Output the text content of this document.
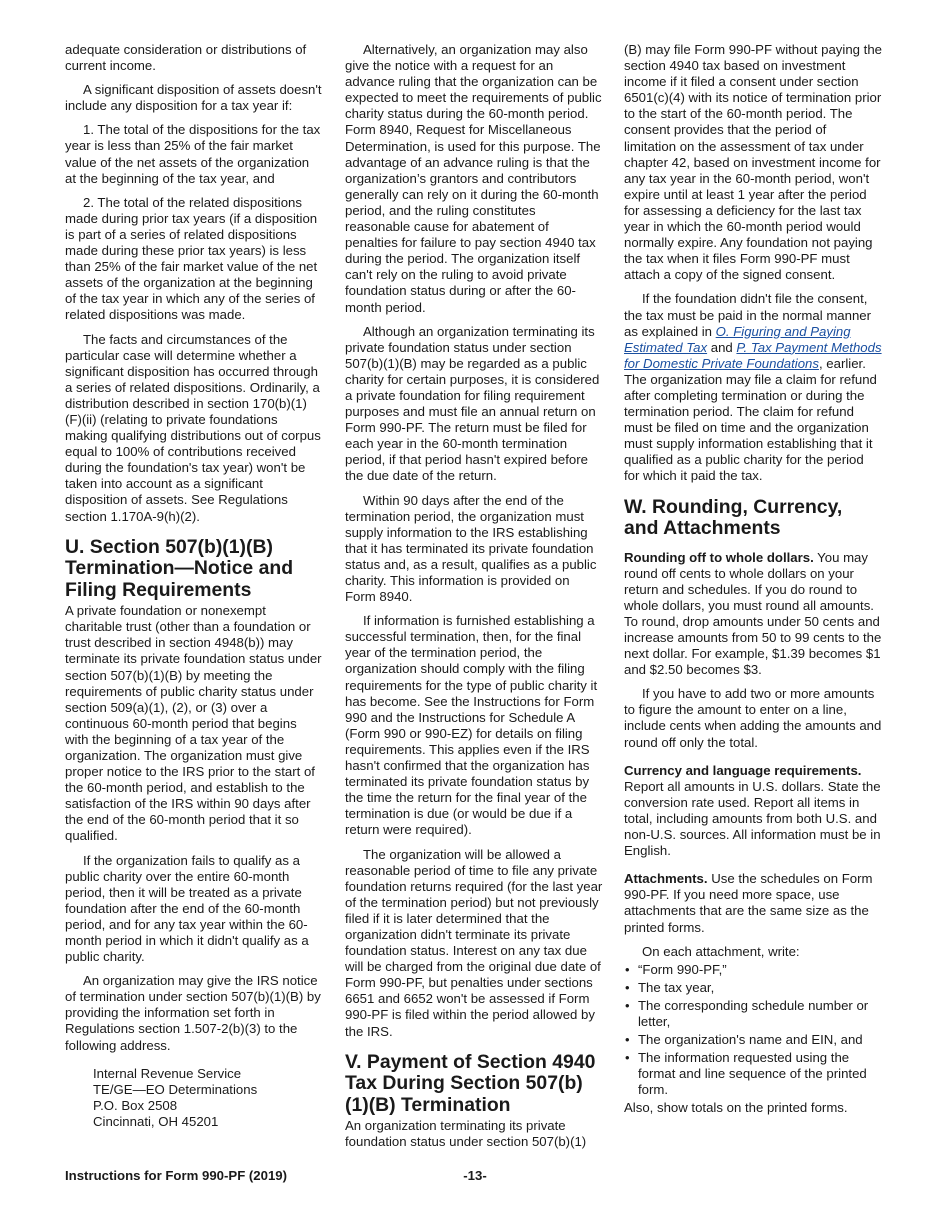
adequate consideration or distributions of current income.

A significant disposition of assets doesn't include any disposition for a tax year if:

1. The total of the dispositions for the tax year is less than 25% of the fair market value of the net assets of the organization at the beginning of the tax year, and

2. The total of the related dispositions made during prior tax years (if a disposition is part of a series of related dispositions made during these prior tax years) is less than 25% of the fair market value of the net assets of the organization at the beginning of the tax year in which any of the series of related dispositions was made.

The facts and circumstances of the particular case will determine whether a significant disposition has occurred through a series of related dispositions. Ordinarily, a distribution described in section 170(b)(1)(F)(ii) (relating to private foundations making qualifying distributions out of corpus equal to 100% of contributions received during the foundation's tax year) won't be taken into account as a significant disposition of assets. See Regulations section 1.170A-9(h)(2).

U. Section 507(b)(1)(B) Termination—Notice and Filing Requirements

A private foundation or nonexempt charitable trust (other than a foundation or trust described in section 4948(b)) may terminate its private foundation status under section 507(b)(1)(B) by meeting the requirements of public charity status under section 509(a)(1), (2), or (3) over a continuous 60-month period that begins with the beginning of a tax year of the organization. The organization must give proper notice to the IRS prior to the start of the 60-month period, and establish to the satisfaction of the IRS within 90 days after the end of the 60-month period that it so qualified.

If the organization fails to qualify as a public charity over the entire 60-month period, then it will be treated as a private foundation after the end of the 60-month period, and for any tax year within the 60-month period in which it didn't qualify as a public charity.

An organization may give the IRS notice of termination under section 507(b)(1)(B) by providing the information set forth in Regulations section 1.507-2(b)(3) to the following address.

Internal Revenue Service
TE/GE—EO Determinations
P.O. Box 2508
Cincinnati, OH 45201

Alternatively, an organization may also give the notice with a request for an advance ruling that the organization can be expected to meet the requirements of public charity status during the 60-month period. Form 8940, Request for Miscellaneous Determination, is used for this purpose. The advantage of an advance ruling is that the organization’s grantors and contributors generally can rely on it during the 60-month period, and the ruling constitutes reasonable cause for abatement of penalties for failure to pay section 4940 tax during the period. The organization itself can't rely on the ruling to avoid private foundation status during or after the 60-month period.

Although an organization terminating its private foundation status under section 507(b)(1)(B) may be regarded as a public charity for certain purposes, it is considered a private foundation for filing requirement purposes and must file an annual return on Form 990-PF. The return must be filed for each year in the 60-month termination period, if that period hasn't expired before the due date of the return.

Within 90 days after the end of the termination period, the organization must supply information to the IRS establishing that it has terminated its private foundation status and, as a result, qualifies as a public charity. This information is provided on Form 8940.

If information is furnished establishing a successful termination, then, for the final year of the termination period, the organization should comply with the filing requirements for the type of public charity it has become. See the Instructions for Form 990 and the Instructions for Schedule A (Form 990 or 990-EZ) for details on filing requirements. This applies even if the IRS hasn't confirmed that the organization has terminated its private foundation status by the time the return for the final year of the termination is due (or would be due if a return were required).

The organization will be allowed a reasonable period of time to file any private foundation returns required (for the last year of the termination period) but not previously filed if it is later determined that the organization didn't terminate its private foundation status. Interest on any tax due will be charged from the original due date of Form 990-PF, but penalties under sections 6651 and 6652 won't be assessed if Form 990-PF is filed within the period allowed by the IRS.

V. Payment of Section 4940 Tax During Section 507(b)(1)(B) Termination

An organization terminating its private foundation status under section 507(b)(1)

(B) may file Form 990-PF without paying the section 4940 tax based on investment income if it filed a consent under section 6501(c)(4) with its notice of termination prior to the start of the 60-month period. The consent provides that the period of limitation on the assessment of tax under chapter 42, based on investment income for any tax year in the 60-month period, won't expire until at least 1 year after the period for assessing a deficiency for the last tax year in which the 60-month period would normally expire. Any foundation not paying the tax when it files Form 990-PF must attach a copy of the signed consent.

If the foundation didn't file the consent, the tax must be paid in the normal manner as explained in O. Figuring and Paying Estimated Tax and P. Tax Payment Methods for Domestic Private Foundations, earlier. The organization may file a claim for refund after completing termination or during the termination period. The claim for refund must be filed on time and the organization must supply information establishing that it qualified as a public charity for the period for which it paid the tax.

W. Rounding, Currency, and Attachments

Rounding off to whole dollars. You may round off cents to whole dollars on your return and schedules. If you do round to whole dollars, you must round all amounts. To round, drop amounts under 50 cents and increase amounts from 50 to 99 cents to the next dollar. For example, $1.39 becomes $1 and $2.50 becomes $3.

If you have to add two or more amounts to figure the amount to enter on a line, include cents when adding the amounts and round off only the total.

Currency and language requirements. Report all amounts in U.S. dollars. State the conversion rate used. Report all items in total, including amounts from both U.S. and non-U.S. sources. All information must be in English.

Attachments. Use the schedules on Form 990-PF. If you need more space, use attachments that are the same size as the printed forms.

On each attachment, write:

• “Form 990-PF,”
• The tax year,
• The corresponding schedule number or letter,
• The organization's name and EIN, and
• The information requested using the format and line sequence of the printed form.

Also, show totals on the printed forms.

-13-
Instructions for Form 990-PF (2019)
